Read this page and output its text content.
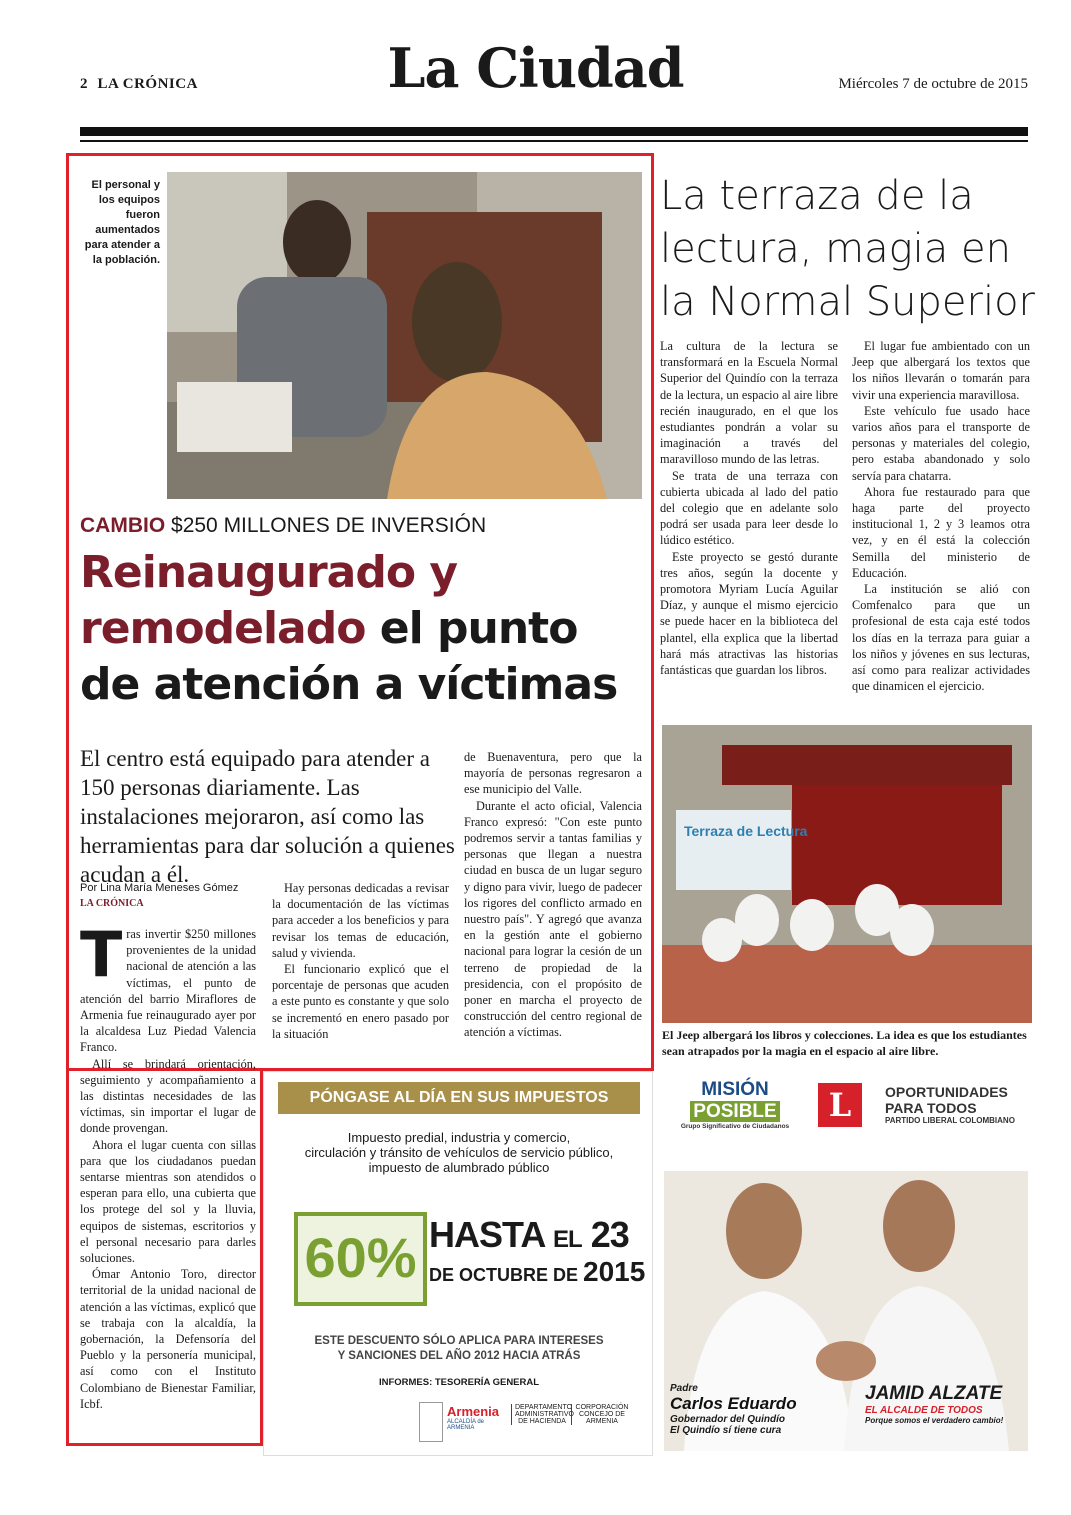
2 LA CRÓNICA	La Ciudad	Miércoles 7 de octubre de 2015
El personal y los equipos fueron aumentados para atender a la población.
CAMBIO $250 MILLONES DE INVERSIÓN
Reinaugurado y remodelado el punto de atención a víctimas
El centro está equipado para atender a 150 personas diariamente. Las instalaciones mejoraron, así como las herramientas para dar solución a quienes acudan a él.
Por Lina María Meneses Gómez
LA CRÓNICA
T ras invertir $250 millones provenientes de la unidad nacional de atención a las víctimas, el punto de atención del barrio Miraflores de Armenia fue reinaugurado ayer por la alcaldesa Luz Piedad Valencia Franco.

Allí se brindará orientación, seguimiento y acompañamiento a las distintas necesidades de las víctimas, sin importar el lugar de donde provengan.

Ahora el lugar cuenta con sillas para que los ciudadanos puedan sentarse mientras son atendidos o esperan para ello, una cubierta que los protege del sol y la lluvia, equipos de sistemas, escritorios y el personal necesario para darles soluciones.

Ómar Antonio Toro, director territorial de la unidad nacional de atención a las víctimas, explicó que se trabaja con la alcaldía, la gobernación, la Defensoría del Pueblo y la personería municipal, así como con el Instituto Colombiano de Bienestar Familiar, Icbf.

Hay personas dedicadas a revisar la documentación de las víctimas para acceder a los beneficios y para revisar los temas de educación, salud y vivienda.

El funcionario explicó que el porcentaje de personas que acuden a este punto es constante y que solo se incrementó en enero pasado por la situación

de Buenaventura, pero que la mayoría de personas regresaron a ese municipio del Valle.

Durante el acto oficial, Valencia Franco expresó: "Con este punto podremos servir a tantas familias y personas que llegan a nuestra ciudad en busca de un lugar seguro y digno para vivir, luego de padecer los rigores del conflicto armado en nuestro país". Y agregó que avanza en la gestión ante el gobierno nacional para lograr la cesión de un terreno de propiedad de la presidencia, con el propósito de poner en marcha el proyecto de construcción del centro regional de atención a víctimas.

La terraza de la lectura, magia en la Normal Superior

La cultura de la lectura se transformará en la Escuela Normal Superior del Quindío con la terraza de la lectura, un espacio al aire libre recién inaugurado, en el que los estudiantes pondrán a volar su imaginación a través del maravilloso mundo de las letras.

Se trata de una terraza con cubierta ubicada al lado del patio del colegio que en adelante solo podrá ser usada para leer desde lo lúdico estético.

Este proyecto se gestó durante tres años, según la docente y promotora Myriam Lucía Aguilar Díaz, y aunque el mismo ejercicio se puede hacer en la biblioteca del plantel, ella explica que la libertad hará más atractivas las historias fantásticas que guardan los libros.

El lugar fue ambientado con un Jeep que albergará los textos que los niños llevarán o tomarán para vivir una experiencia maravillosa.

Este vehículo fue usado hace varios años para el transporte de personas y materiales del colegio, pero estaba abandonado y solo servía para chatarra.

Ahora fue restaurado para que haga parte del proyecto institucional 1, 2 y 3 leamos otra vez, y en él está la colección Semilla del ministerio de Educación.

La institución se alió con Comfenalco para que un profesional de esta caja esté todos los días en la terraza para guiar a los niños y jóvenes en sus lecturas, así como para realizar actividades que dinamicen el ejercicio.

Terraza de Lectura
El Jeep albergará los libros y colecciones. La idea es que los estudiantes sean atrapados por la magia en el espacio al aire libre.
PÓNGASE AL DÍA EN SUS IMPUESTOS
Impuesto predial, industria y comercio,
circulación y tránsito de vehículos de servicio público,
impuesto de alumbrado público
60% HASTA EL 23
DE OCTUBRE DE 2015
ESTE DESCUENTO SÓLO APLICA PARA INTERESES
Y SANCIONES DEL AÑO 2012 HACIA ATRÁS
INFORMES: TESORERÍA GENERAL
Armenia
ALCALDÍA de ARMENIA
DEPARTAMENTO ADMINISTRATIVO DE HACIENDA
CORPORACIÓN CONCEJO DE ARMENIA
MISIÓN
POSIBLE
Grupo Significativo de Ciudadanos
L	OPORTUNIDADES
PARA TODOS
PARTIDO LIBERAL COLOMBIANO
Padre
Carlos Eduardo
Gobernador del Quindío
El Quindío sí tiene cura
JAMID ALZATE
EL ALCALDE DE TODOS
Porque somos el verdadero cambio!
